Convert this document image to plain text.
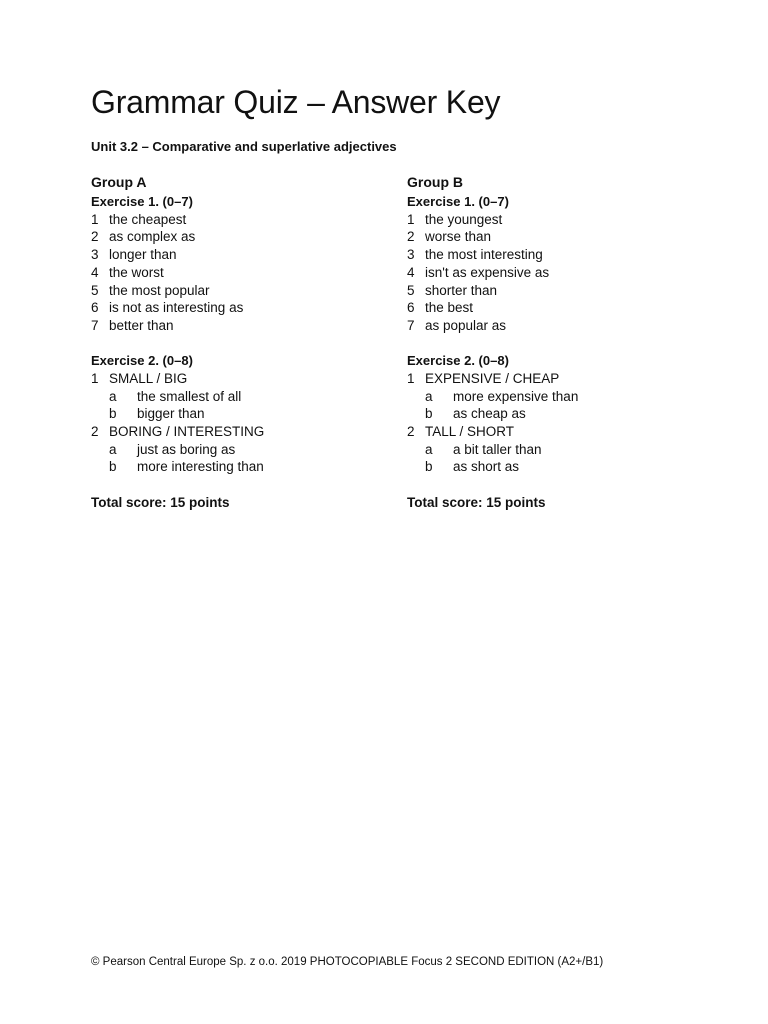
Grammar Quiz – Answer Key
Unit 3.2 – Comparative and superlative adjectives
Group A
Exercise 1. (0–7)
1 the cheapest
2 as complex as
3 longer than
4 the worst
5 the most popular
6 is not as interesting as
7 better than
Exercise 2. (0–8)
1 SMALL / BIG
a	the smallest of all
b	bigger than
2 BORING / INTERESTING
a	just as boring as
b	more interesting than
Total score: 15 points
Group B
Exercise 1. (0–7)
1 the youngest
2 worse than
3 the most interesting
4 isn't as expensive as
5 shorter than
6 the best
7 as popular as
Exercise 2. (0–8)
1 EXPENSIVE / CHEAP
a	more expensive than
b	as cheap as
2 TALL / SHORT
a	a bit taller than
b	as short as
Total score: 15 points
© Pearson Central Europe Sp. z o.o. 2019 PHOTOCOPIABLE Focus 2 SECOND EDITION (A2+/B1)
